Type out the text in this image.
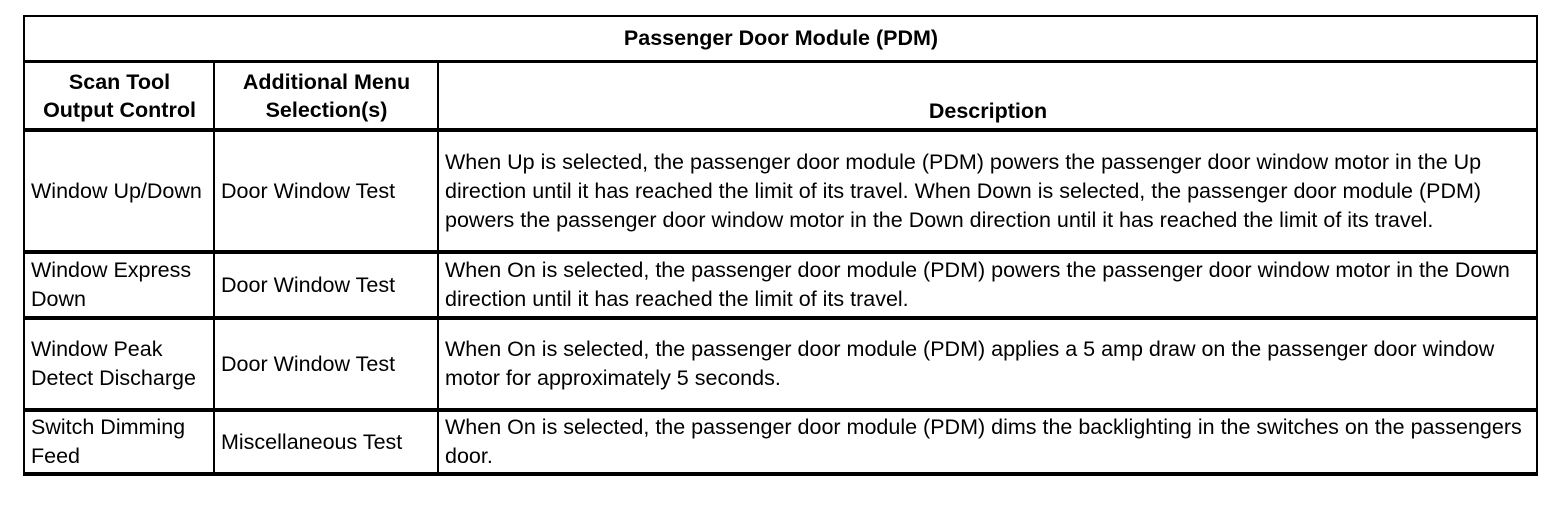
Passenger Door Module (PDM)		
Scan Tool Output Control	Additional Menu Selection(s)	Description
Window Up/Down	Door Window Test	When Up is selected, the passenger door module (PDM) powers the passenger door window motor in the Up direction until it has reached the limit of its travel. When Down is selected, the passenger door module (PDM) powers the passenger door window motor in the Down direction until it has reached the limit of its travel.
Window Express Down	Door Window Test	When On is selected, the passenger door module (PDM) powers the passenger door window motor in the Down direction until it has reached the limit of its travel.
Window Peak Detect Discharge	Door Window Test	When On is selected, the passenger door module (PDM) applies a 5 amp draw on the passenger door window motor for approximately 5 seconds.
Switch Dimming Feed	Miscellaneous Test	When On is selected, the passenger door module (PDM) dims the backlighting in the switches on the passengers door.
